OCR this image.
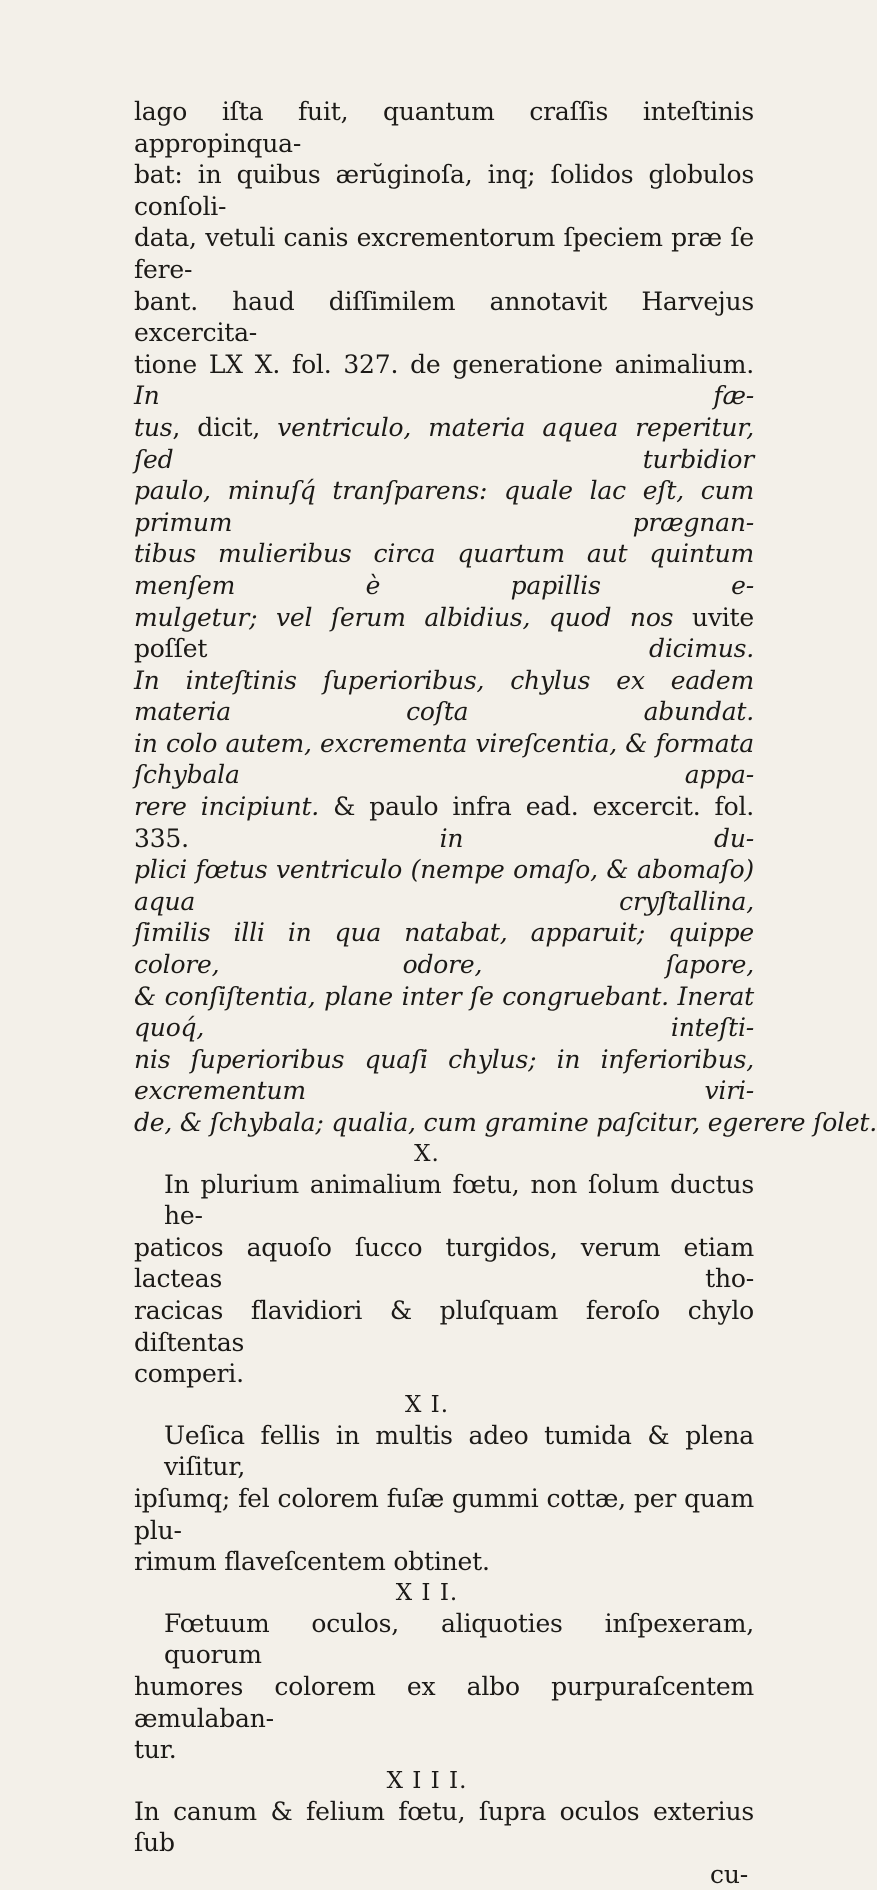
lago iſta fuit, quantum craſſis inteſtinis appropinqua-
bat: in quibus ærŭginoſa, inq; ſolidos globulos conſoli-
data, vetuli canis excrementorum ſpeciem præ ſe fere-
bant. haud diſſimilem annotavit Harvejus excercita-
tione LX X. fol. 327. de generatione animalium. In fæ-
tus, dicit, ventriculo, materia aquea reperitur, ſed turbidior
paulo, minuſq́ tranſparens: quale lac eſt, cum primum prægnan-
tibus mulieribus circa quartum aut quintum menſem è papillis e-
mulgetur; vel ſerum albidius, quod nos uvite poſſet dicimus.
In inteſtinis ſuperioribus, chylus ex eadem materia coſta abundat.
in colo autem, excrementa vireſcentia, & formata ſchybala appa-
rere incipiunt. & paulo infra ead. excercit. fol. 335. in du-
plici fœtus ventriculo (nempe omaſo, & abomaſo) aqua cryſtallina,
ſimilis illi in qua natabat, apparuit; quippe colore, odore, ſapore,
& conſiſtentia, plane inter ſe congruebant. Inerat quoq́, inteſti-
nis ſuperioribus quaſi chylus; in inferioribus, excrementum viri-
de, & ſchybala; qualia, cum gramine paſcitur, egerere ſolet.
X.
In plurium animalium fœtu, non ſolum ductus he-
paticos aquoſo ſucco turgidos, verum etiam lacteas tho-
racicas flavidiori & pluſquam feroſo chylo diſtentas
comperi.
X I.
Ueſica fellis in multis adeo tumida & plena viſitur,
ipſumq; fel colorem fuſæ gummi cottæ, per quam plu-
rimum flaveſcentem obtinet.
X I I.
Fœtuum oculos, aliquoties inſpexeram, quorum
humores colorem ex albo purpuraſcentem æmulaban-
tur.
X I I I.
In canum & felium fœtu, ſupra oculos exterius ſub
cu-
